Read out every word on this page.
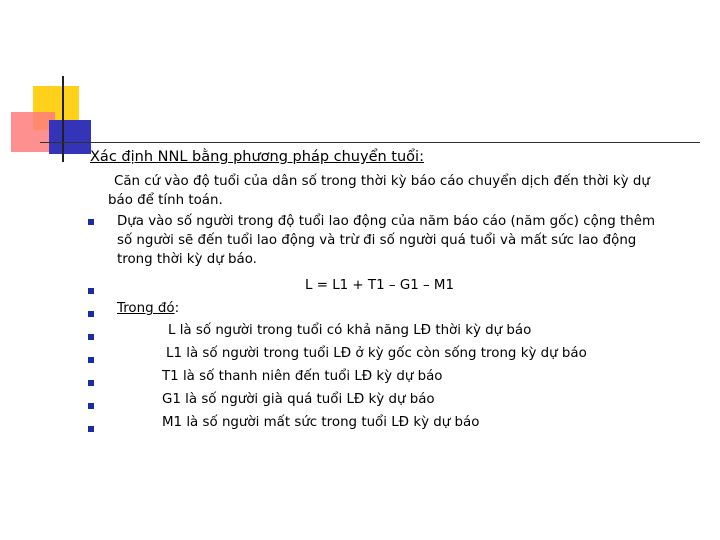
Xác định NNL bằng phương pháp chuyển tuổi:
Căn cứ vào độ tuổi của dân số trong thời kỳ báo cáo chuyển dịch đến thời kỳ dự
báo để tính toán.
Dựa vào số người trong độ tuổi lao động của năm báo cáo (năm gốc) cộng thêm
số người sẽ đến tuổi lao động và trừ đi số người quá tuổi và mất sức lao động
trong thời kỳ dự báo.
L = L1 + T1 – G1 – M1
Trong đó:
L là số người trong tuổi có khả năng LĐ thời kỳ dự báo
L1 là số người trong tuổi LĐ ở kỳ gốc còn sống trong kỳ dự báo
T1 là số thanh niên đến tuổi LĐ kỳ dự báo
G1 là số người già quá tuổi LĐ kỳ dự báo
M1 là số người mất sức trong tuổi LĐ kỳ dự báo
